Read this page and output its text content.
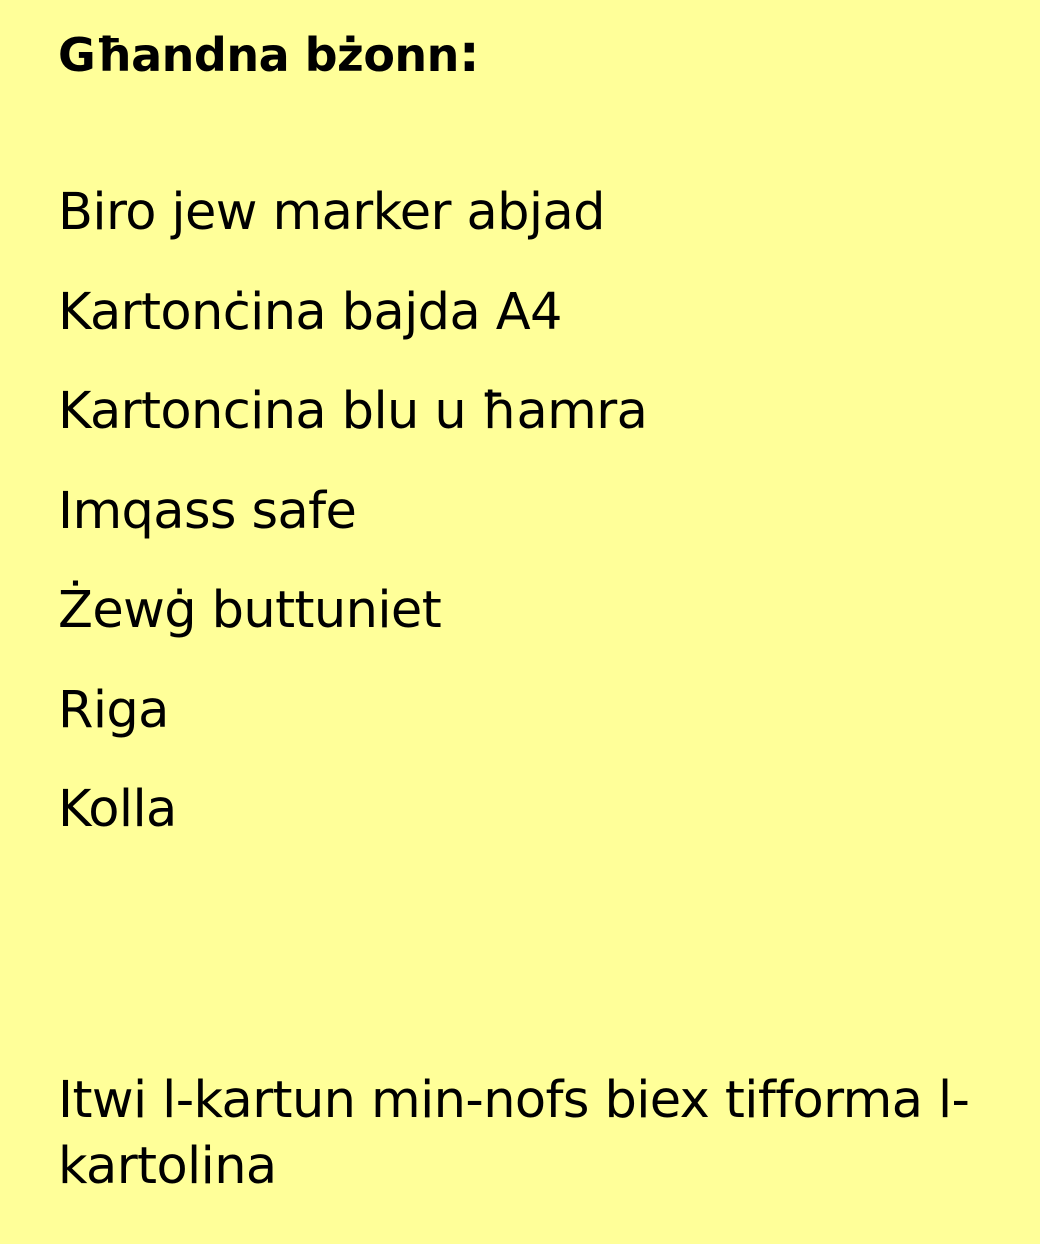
Għandna bżonn:
Biro jew marker abjad
Kartonċina bajda A4
Kartoncina blu u ħamra
Imqass safe
Żewġ buttuniet
Riga
Kolla

Itwi l-kartun min-nofs biex tifforma l-kartolina
